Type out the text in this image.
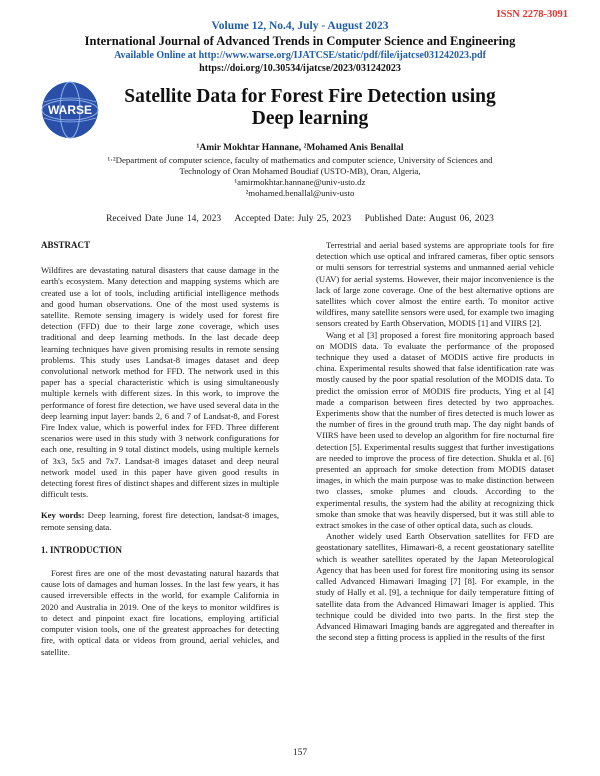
ISSN 2278-3091
Volume 12, No.4, July - August 2023
International Journal of Advanced Trends in Computer Science and Engineering
Available Online at http://www.warse.org/IJATCSE/static/pdf/file/ijatcse031242023.pdf
https://doi.org/10.30534/ijatcse/2023/031242023
WARSE
Satellite Data for Forest Fire Detection using
Deep learning
¹Amir Mokhtar Hannane, ²Mohamed Anis Benallal
¹·²Department of computer science, faculty of mathematics and computer science, University of Sciences and
Technology of Oran Mohamed Boudiaf (USTO-MB), Oran, Algeria,
¹amirmokhtar.hannane@univ-usto.dz
²mohamed.benallal@univ-usto
Received Date June 14, 2023 Accepted Date: July 25, 2023 Published Date: August 06, 2023
ABSTRACT

Wildfires are devastating natural disasters that cause damage in the earth's ecosystem. Many detection and mapping systems which are created use a lot of tools, including artificial intelligence methods and good human observations. One of the most used systems is satellite. Remote sensing imagery is widely used for forest fire detection (FFD) due to their large zone coverage, which uses traditional and deep learning methods. In the last decade deep learning techniques have given promising results in remote sensing problems. This study uses Landsat-8 images dataset and deep convolutional network method for FFD. The network used in this paper has a special characteristic which is using simultaneously multiple kernels with different sizes. In this work, to improve the performance of forest fire detection, we have used several data in the deep learning input layer: bands 2, 6 and 7 of Landsat-8, and Forest Fire Index value, which is powerful index for FFD. Three different scenarios were used in this study with 3 network configurations for each one, resulting in 9 total distinct models, using multiple kernels of 3x3, 5x5 and 7x7. Landsat-8 images dataset and deep neural network model used in this paper have given good results in detecting forest fires of distinct shapes and different sizes in multiple difficult tests.

Key words: Deep learning, forest fire detection, landsat-8 images, remote sensing data.

1. INTRODUCTION

Forest fires are one of the most devastating natural hazards that cause lots of damages and human losses. In the last few years, it has caused irreversible effects in the world, for example California in 2020 and Australia in 2019. One of the keys to monitor wildfires is to detect and pinpoint exact fire locations, employing artificial computer vision tools, one of the greatest approaches for detecting fire, with optical data or videos from ground, aerial vehicles, and satellite.

Terrestrial and aerial based systems are appropriate tools for fire detection which use optical and infrared cameras, fiber optic sensors or multi sensors for terrestrial systems and unmanned aerial vehicle (UAV) for aerial systems. However, their major inconvenience is the lack of large zone coverage. One of the best alternative options are satellites which cover almost the entire earth. To monitor active wildfires, many satellite sensors were used, for example two imaging sensors created by Earth Observation, MODIS [1] and VIIRS [2].

Wang et al [3] proposed a forest fire monitoring approach based on MODIS data. To evaluate the performance of the proposed technique they used a dataset of MODIS active fire products in china. Experimental results showed that false identification rate was mostly caused by the poor spatial resolution of the MODIS data. To predict the omission error of MODIS fire products, Ying et al [4] made a comparison between fires detected by two approaches. Experiments show that the number of fires detected is much lower as the number of fires in the ground truth map. The day night bands of VIIRS have been used to develop an algorithm for fire nocturnal fire detection [5]. Experimental results suggest that further investigations are needed to improve the process of fire detection. Shukla et al. [6] presented an approach for smoke detection from MODIS dataset images, in which the main purpose was to make distinction between two classes, smoke plumes and clouds. According to the experimental results, the system had the ability at recognizing thick smoke than smoke that was heavily dispersed, but it was still able to extract smokes in the case of other optical data, such as clouds.

Another widely used Earth Observation satellites for FFD are geostationary satellites, Himawari-8, a recent geostationary satellite which is weather satellites operated by the Japan Meteorological Agency that has been used for forest fire monitoring using its sensor called Advanced Himawari Imaging [7] [8]. For example, in the study of Hally et al. [9], a technique for daily temperature fitting of satellite data from the Advanced Himawari Imager is applied. This technique could be divided into two parts. In the first step the Advanced Himawari Imaging bands are aggregated and thereafter in the second step a fitting process is applied in the results of the first

157
